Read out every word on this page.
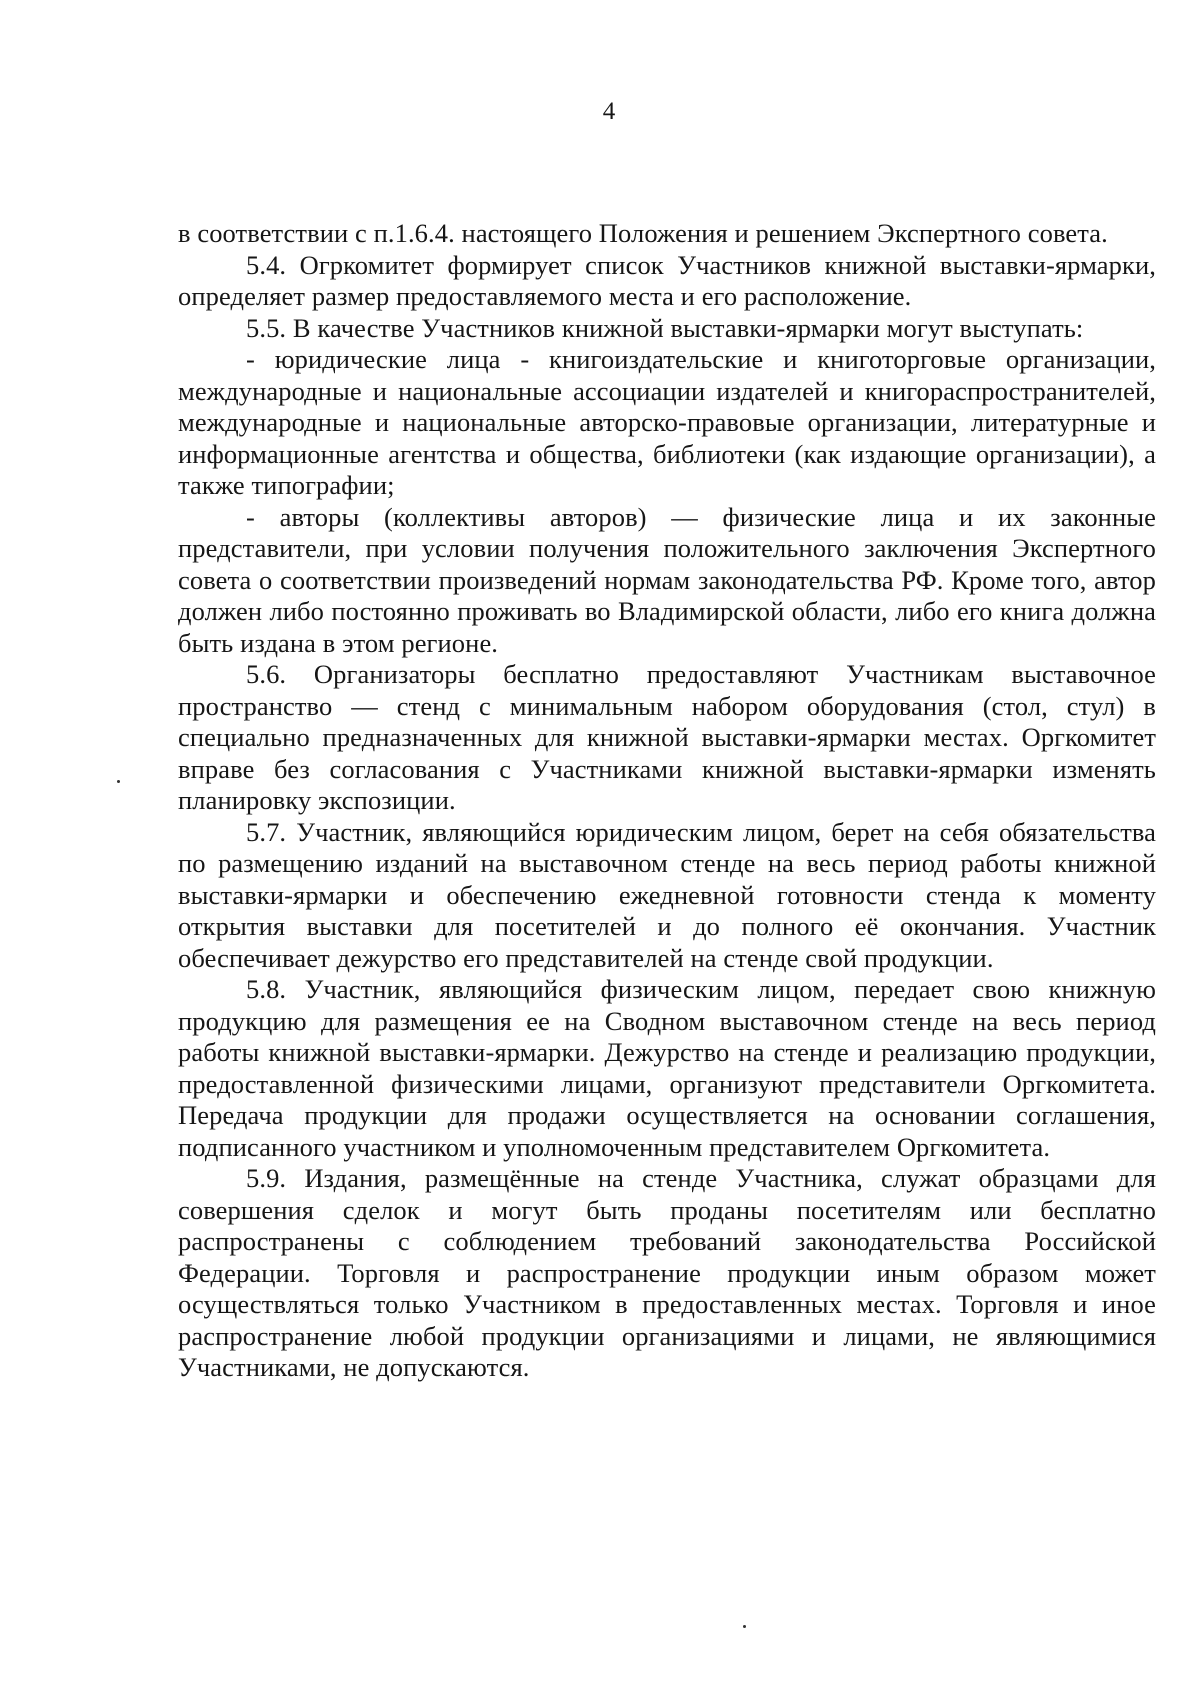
4

в соответствии с п.1.6.4. настоящего Положения и решением Экспертного совета.

5.4. Огркомитет формирует список Участников книжной выставки-ярмарки, определяет размер предоставляемого места и его расположение.

5.5. В качестве Участников книжной выставки-ярмарки могут выступать:

- юридические лица - книгоиздательские и книготорговые организации, международные и национальные ассоциации издателей и книгораспространителей, международные и национальные авторско-правовые организации, литературные и информационные агентства и общества, библиотеки (как издающие организации), а также типографии;

- авторы (коллективы авторов) — физические лица и их законные представители, при условии получения положительного заключения Экспертного совета о соответствии произведений нормам законодательства РФ. Кроме того, автор должен либо постоянно проживать во Владимирской области, либо его книга должна быть издана в этом регионе.

5.6. Организаторы бесплатно предоставляют Участникам выставочное пространство — стенд с минимальным набором оборудования (стол, стул) в специально предназначенных для книжной выставки-ярмарки местах. Оргкомитет вправе без согласования с Участниками книжной выставки-ярмарки изменять планировку экспозиции.

5.7. Участник, являющийся юридическим лицом, берет на себя обязательства по размещению изданий на выставочном стенде на весь период работы книжной выставки-ярмарки и обеспечению ежедневной готовности стенда к моменту открытия выставки для посетителей и до полного её окончания. Участник обеспечивает дежурство его представителей на стенде свой продукции.

5.8. Участник, являющийся физическим лицом, передает свою книжную продукцию для размещения ее на Сводном выставочном стенде на весь период работы книжной выставки-ярмарки. Дежурство на стенде и реализацию продукции, предоставленной физическими лицами, организуют представители Оргкомитета. Передача продукции для продажи осуществляется на основании соглашения, подписанного участником и уполномоченным представителем Оргкомитета.

5.9. Издания, размещённые на стенде Участника, служат образцами для совершения сделок и могут быть проданы посетителям или бесплатно распространены с соблюдением требований законодательства Российской Федерации. Торговля и распространение продукции иным образом может осуществляться только Участником в предоставленных местах. Торговля и иное распространение любой продукции организациями и лицами, не являющимися Участниками, не допускаются.
